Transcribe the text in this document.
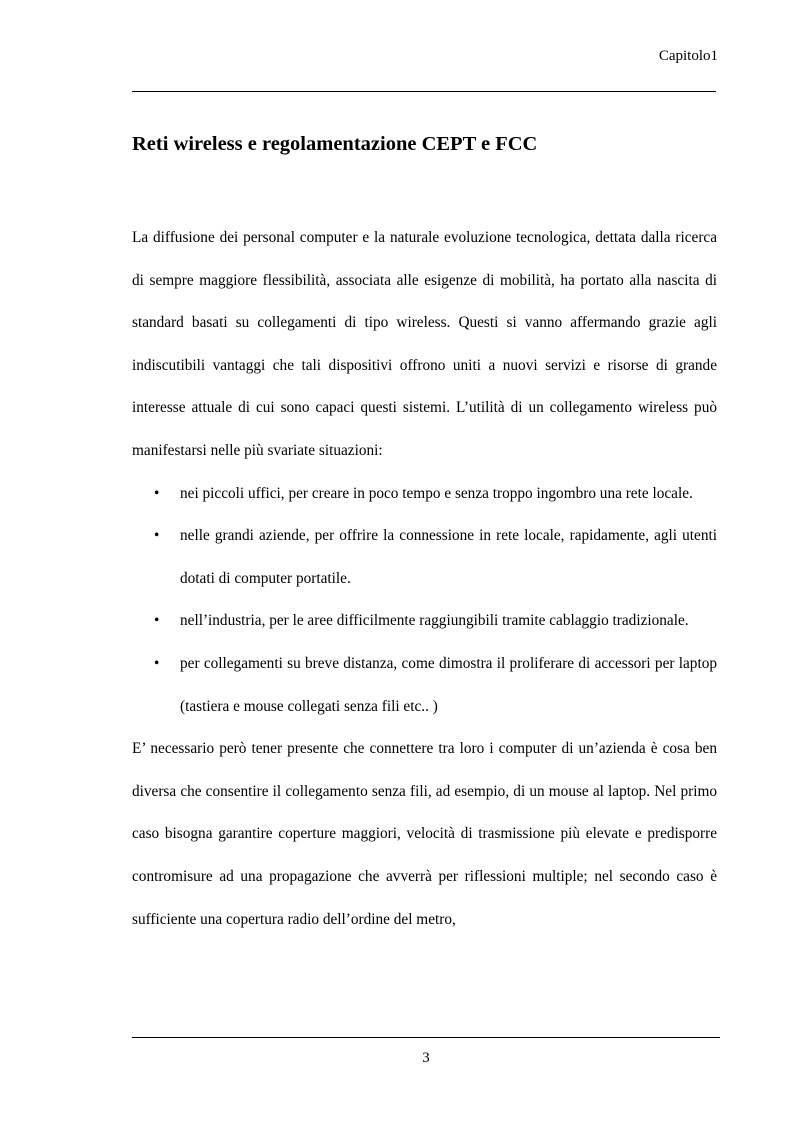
Capitolo1
Reti wireless e regolamentazione CEPT e FCC

La diffusione dei personal computer e la naturale evoluzione tecnologica, dettata dalla ricerca di sempre maggiore flessibilità, associata alle esigenze di mobilità, ha portato alla nascita di standard basati su collegamenti di tipo wireless. Questi si vanno affermando grazie agli indiscutibili vantaggi che tali dispositivi offrono uniti a nuovi servizi e risorse di grande interesse attuale di cui sono capaci questi sistemi. L’utilità di un collegamento wireless può manifestarsi nelle più svariate situazioni:

• nei piccoli uffici, per creare in poco tempo e senza troppo ingombro una rete locale.
• nelle grandi aziende, per offrire la connessione in rete locale, rapidamente, agli utenti dotati di computer portatile.
• nell’industria, per le aree difficilmente raggiungibili tramite cablaggio tradizionale.
• per collegamenti su breve distanza, come dimostra il proliferare di accessori per laptop (tastiera e mouse collegati senza fili etc.. )

E’ necessario però tener presente che connettere tra loro i computer di un’azienda è cosa ben diversa che consentire il collegamento senza fili, ad esempio, di un mouse al laptop. Nel primo caso bisogna garantire coperture maggiori, velocità di trasmissione più elevate e predisporre contromisure ad una propagazione che avverrà per riflessioni multiple; nel secondo caso è sufficiente una copertura radio dell’ordine del metro,

3
